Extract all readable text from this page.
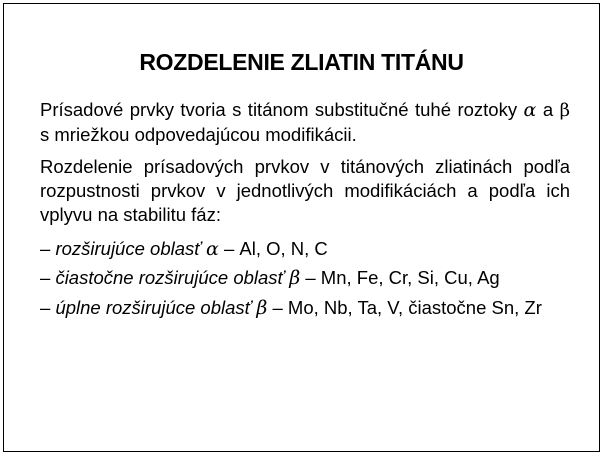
ROZDELENIE ZLIATIN TITÁNU
Prísadové prvky tvoria s titánom substitučné tuhé roztoky α a β s mriežkou odpovedajúcou modifikácii.
Rozdelenie prísadových prvkov v titánových zliatinách podľa rozpustnosti prvkov v jednotlivých modifikáciách a podľa ich vplyvu na stabilitu fáz:
– rozširujúce oblasť α – Al, O, N, C
– čiastočne rozširujúce oblasť β – Mn, Fe, Cr, Si, Cu, Ag
– úplne rozširujúce oblasť β – Mo, Nb, Ta, V, čiastočne Sn, Zr
